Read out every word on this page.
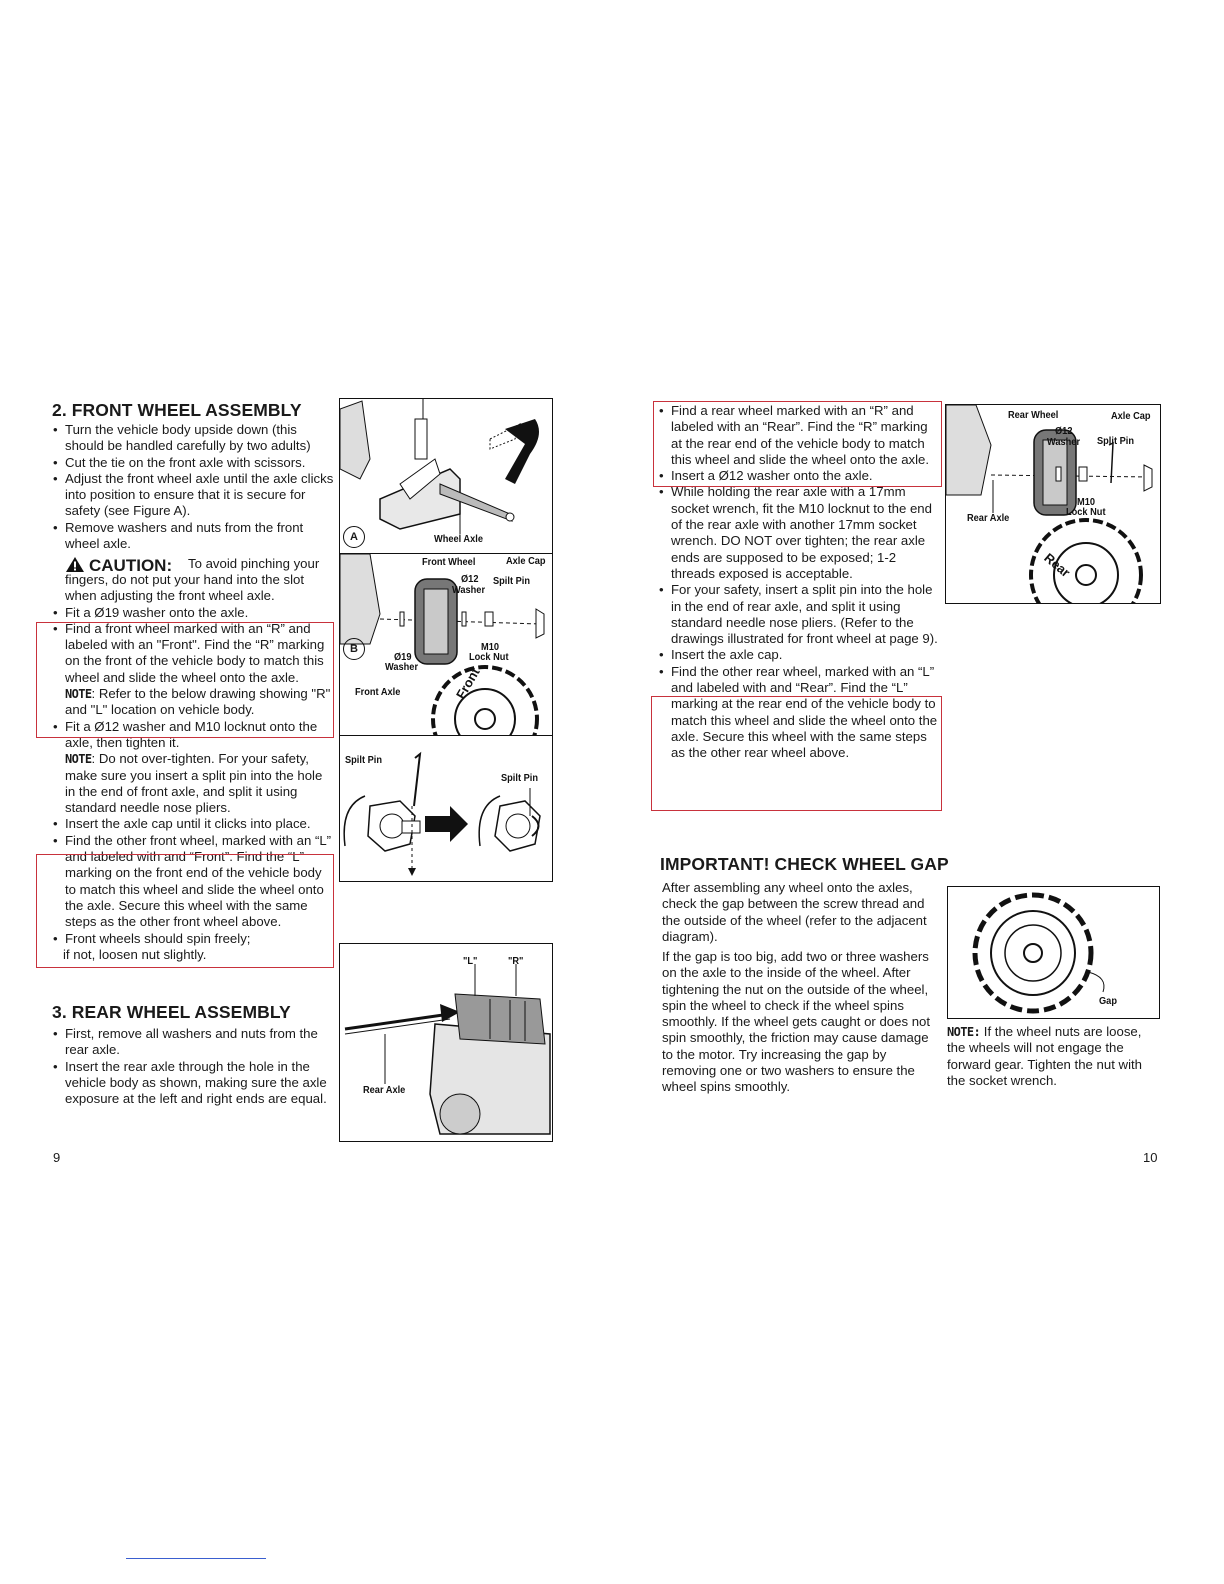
2. FRONT WHEEL ASSEMBLY
• Turn the vehicle body upside down (this should be handled carefully by two adults)
• Cut the tie on the front axle with scissors.
• Adjust the front wheel axle until the axle clicks into position to ensure that it is secure for safety (see Figure A).
• Remove washers and nuts from the front wheel axle.
CAUTION:	To avoid pinching your fingers, do not put your hand into the slot when adjusting the front wheel axle.
• Fit a Ø19 washer onto the axle.
• Find a front wheel marked with an “R” and labeled with an "Front". Find the “R” marking on the front of the vehicle body to match this wheel and slide the wheel onto the axle.
NOTE: Refer to the below drawing showing "R" and "L" location on vehicle body.
• Fit a Ø12 washer and M10 locknut onto the axle, then tighten it.
NOTE: Do not over-tighten. For your safety, make sure you insert a split pin into the hole in the end of front axle, and split it using standard needle nose pliers.
• Insert the axle cap until it clicks into place.
• Find the other front wheel, marked with an “L” and labeled with and “Front”. Find the “L” marking on the front end of the vehicle body to match this wheel and slide the wheel onto the axle. Secure this wheel with the same steps as the other front wheel above.
• Front wheels should spin freely;
if not, loosen nut slightly.
3. REAR WHEEL ASSEMBLY
• First, remove all washers and nuts from the rear axle.
• Insert the rear axle through the hole in the vehicle body as shown, making sure the axle exposure at the left and right ends are equal.
9
Wheel Axle
A
Front Wheel	Axle Cap
Ø12
Washer
Spilt Pin
Ø19
Washer
M10
Lock Nut
Front Axle	Front
B
Spilt Pin
Spilt Pin
"L"	"R"
Rear Axle
• Find a rear wheel marked with an “R” and labeled with an “Rear”. Find the “R” marking at the rear end of the vehicle body to match this wheel and slide the wheel onto the axle.
• Insert a Ø12 washer onto the axle.
• While holding the rear axle with a 17mm socket wrench, fit the M10 locknut to the end of the rear axle with another 17mm socket wrench. DO NOT over tighten; the rear axle ends are supposed to be exposed; 1-2 threads exposed is acceptable.
• For your safety, insert a split pin into the hole in the end of rear axle, and split it using standard needle nose pliers. (Refer to the drawings illustrated for front wheel at page 9).
• Insert the axle cap.
• Find the other rear wheel, marked with an “L” and labeled with and “Rear”. Find the “L” marking at the rear end of the vehicle body to match this wheel and slide the wheel onto the axle. Secure this wheel with the same steps as the other rear wheel above.
Rear Wheel	Axle Cap
Ø12
Washer Split Pin
M10
Lock Nut
Rear Axle
Rear
IMPORTANT! CHECK WHEEL GAP

After assembling any wheel onto the axles, check the gap between the screw thread and the outside of the wheel (refer to the adjacent diagram).

If the gap is too big, add two or three washers on the axle to the inside of the wheel. After tightening the nut on the outside of the wheel, spin the wheel to check if the wheel spins smoothly. If the wheel gets caught or does not spin smoothly, the friction may cause damage to the motor. Try increasing the gap by removing one or two washers to ensure the wheel spins smoothly.

Gap

NOTE: If the wheel nuts are loose, the wheels will not engage the forward gear. Tighten the nut with the socket wrench.

10
